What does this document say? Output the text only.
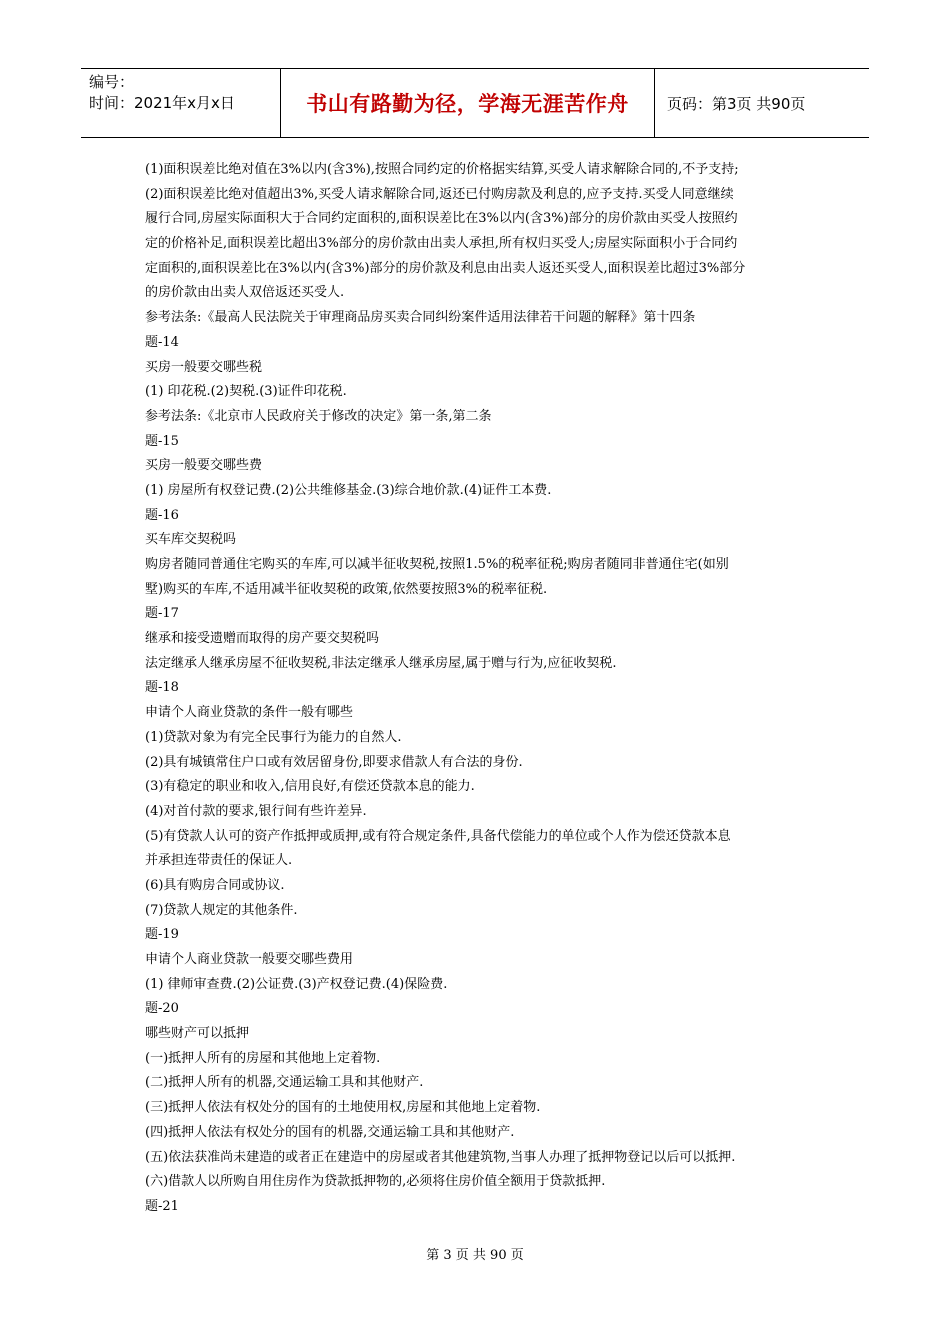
编号：
时间：2021年x月x日	书山有路勤为径，学海无涯苦作舟	页码：第3页 共90页
(1)面积误差比绝对值在3%以内(含3%),按照合同约定的价格据实结算,买受人请求解除合同的,不予支持;
(2)面积误差比绝对值超出3%,买受人请求解除合同,返还已付购房款及利息的,应予支持.买受人同意继续
履行合同,房屋实际面积大于合同约定面积的,面积误差比在3%以内(含3%)部分的房价款由买受人按照约
定的价格补足,面积误差比超出3%部分的房价款由出卖人承担,所有权归买受人;房屋实际面积小于合同约
定面积的,面积误差比在3%以内(含3%)部分的房价款及利息由出卖人返还买受人,面积误差比超过3%部分
的房价款由出卖人双倍返还买受人.
参考法条:《最高人民法院关于审理商品房买卖合同纠纷案件适用法律若干问题的解释》第十四条
题-14
买房一般要交哪些税
(1) 印花税.(2)契税.(3)证件印花税.
参考法条:《北京市人民政府关于修改的决定》第一条,第二条
题-15
买房一般要交哪些费
(1) 房屋所有权登记费.(2)公共维修基金.(3)综合地价款.(4)证件工本费.
题-16
买车库交契税吗
购房者随同普通住宅购买的车库,可以减半征收契税,按照1.5%的税率征税;购房者随同非普通住宅(如别
墅)购买的车库,不适用减半征收契税的政策,依然要按照3%的税率征税.
题-17
继承和接受遗赠而取得的房产要交契税吗
法定继承人继承房屋不征收契税,非法定继承人继承房屋,属于赠与行为,应征收契税.
题-18
申请个人商业贷款的条件一般有哪些
(1)贷款对象为有完全民事行为能力的自然人.
(2)具有城镇常住户口或有效居留身份,即要求借款人有合法的身份.
(3)有稳定的职业和收入,信用良好,有偿还贷款本息的能力.
(4)对首付款的要求,银行间有些许差异.
(5)有贷款人认可的资产作抵押或质押,或有符合规定条件,具备代偿能力的单位或个人作为偿还贷款本息
并承担连带责任的保证人.
(6)具有购房合同或协议.
(7)贷款人规定的其他条件.
题-19
申请个人商业贷款一般要交哪些费用
(1) 律师审查费.(2)公证费.(3)产权登记费.(4)保险费.
题-20
哪些财产可以抵押
(一)抵押人所有的房屋和其他地上定着物.
(二)抵押人所有的机器,交通运输工具和其他财产.
(三)抵押人依法有权处分的国有的土地使用权,房屋和其他地上定着物.
(四)抵押人依法有权处分的国有的机器,交通运输工具和其他财产.
(五)依法获准尚未建造的或者正在建造中的房屋或者其他建筑物,当事人办理了抵押物登记以后可以抵押.
(六)借款人以所购自用住房作为贷款抵押物的,必须将住房价值全额用于贷款抵押.
题-21
第 3 页 共 90 页
